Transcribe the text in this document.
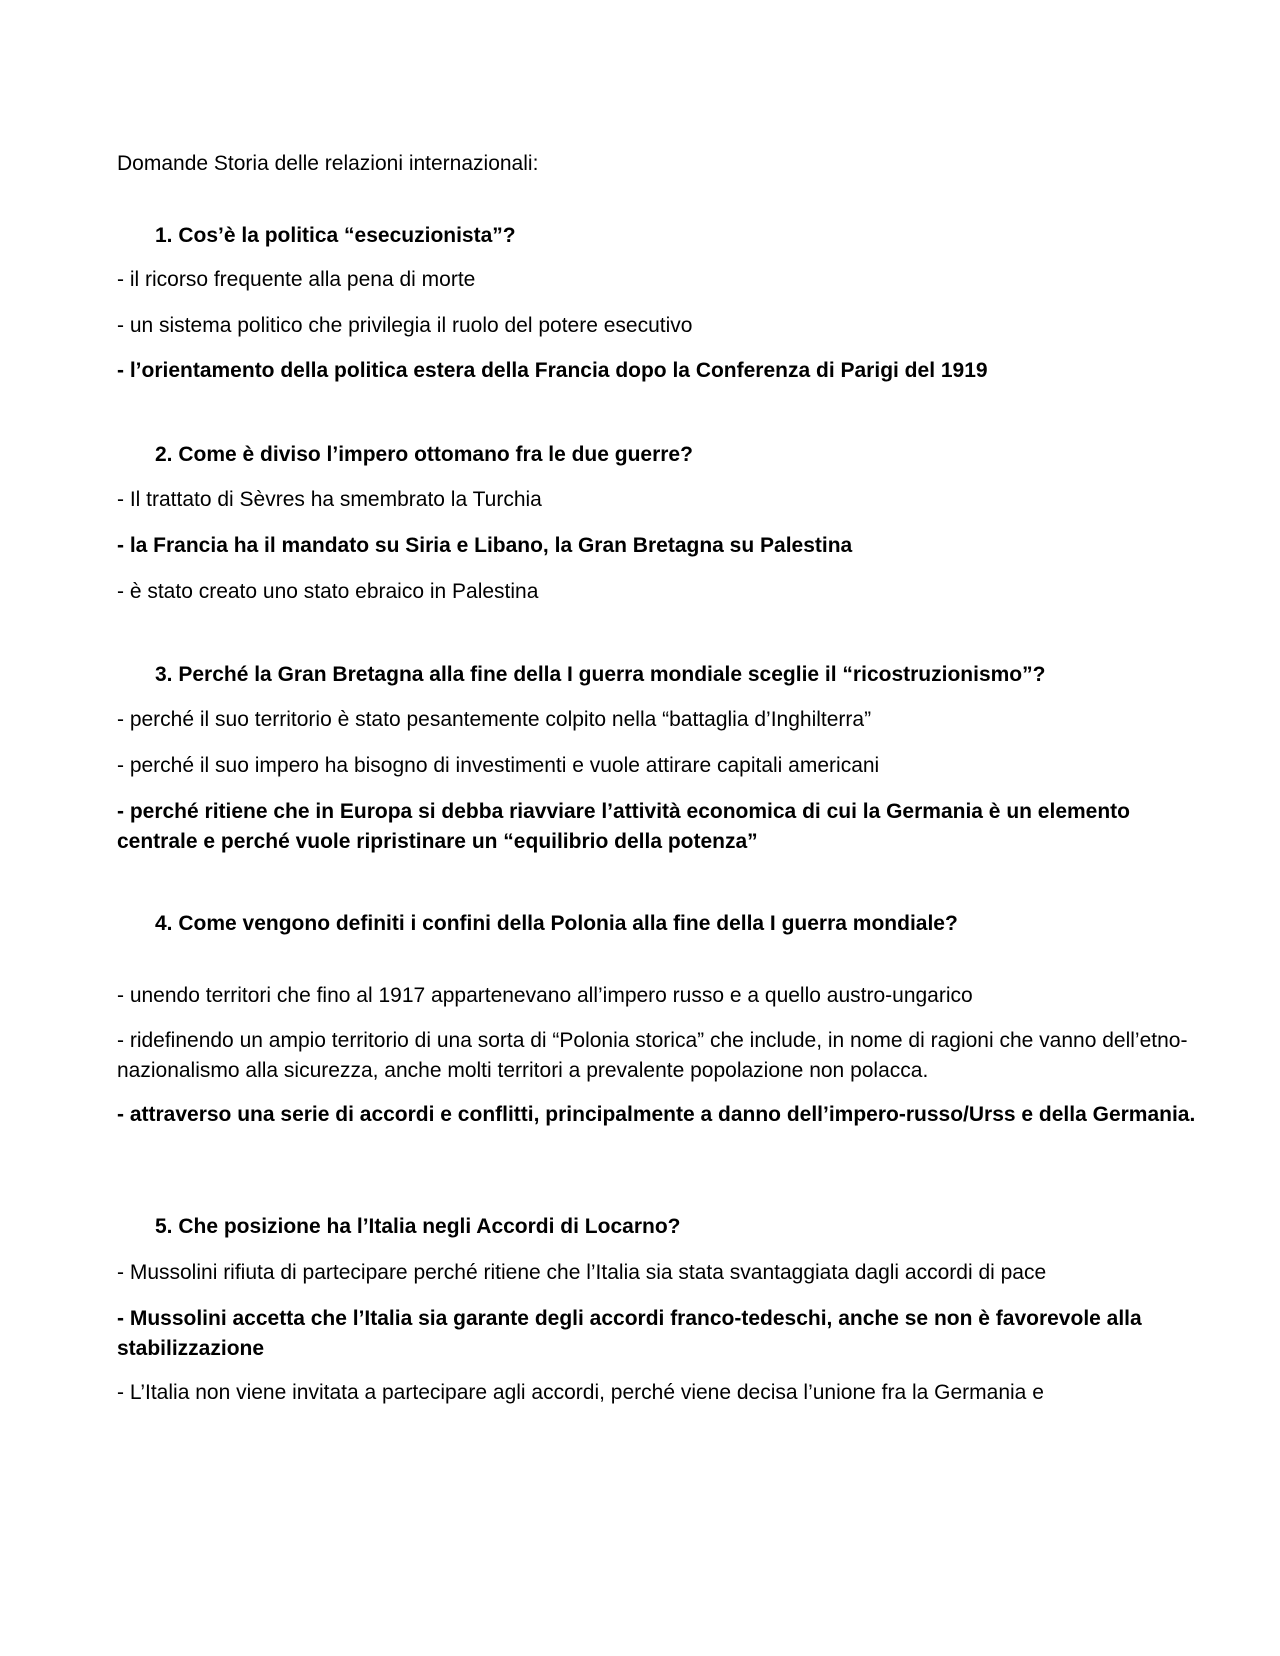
Domande Storia delle relazioni internazionali:
1. Cos’è la politica “esecuzionista”?
- il ricorso frequente alla pena di morte
- un sistema politico che privilegia il ruolo del potere esecutivo
- l’orientamento della politica estera della Francia dopo la Conferenza di Parigi del 1919
2. Come è diviso l’impero ottomano fra le due guerre?
- Il trattato di Sèvres ha smembrato la Turchia
- la Francia ha il mandato su Siria e Libano, la Gran Bretagna su Palestina
- è stato creato uno stato ebraico in Palestina
3. Perché la Gran Bretagna alla fine della I guerra mondiale sceglie il “ricostruzionismo”?
- perché il suo territorio è stato pesantemente colpito nella “battaglia d’Inghilterra”
- perché il suo impero ha bisogno di investimenti e vuole attirare capitali americani
- perché ritiene che in Europa si debba riavviare l’attività economica di cui la Germania è un elemento centrale e perché vuole ripristinare un “equilibrio della potenza”
4. Come vengono definiti i confini della Polonia alla fine della I guerra mondiale?
- unendo territori che fino al 1917 appartenevano all’impero russo e a quello austro-ungarico
- ridefinendo un ampio territorio di una sorta di “Polonia storica” che include, in nome di ragioni che vanno dell’etno-nazionalismo alla sicurezza, anche molti territori a prevalente popolazione non polacca.
- attraverso una serie di accordi e conflitti, principalmente a danno dell’impero-russo/Urss e della Germania.
5. Che posizione ha l’Italia negli Accordi di Locarno?
- Mussolini rifiuta di partecipare perché ritiene che l’Italia sia stata svantaggiata dagli accordi di pace
- Mussolini accetta che l’Italia sia garante degli accordi franco-tedeschi, anche se non è favorevole alla stabilizzazione
- L’Italia non viene invitata a partecipare agli accordi, perché viene decisa l’unione fra la Germania e
